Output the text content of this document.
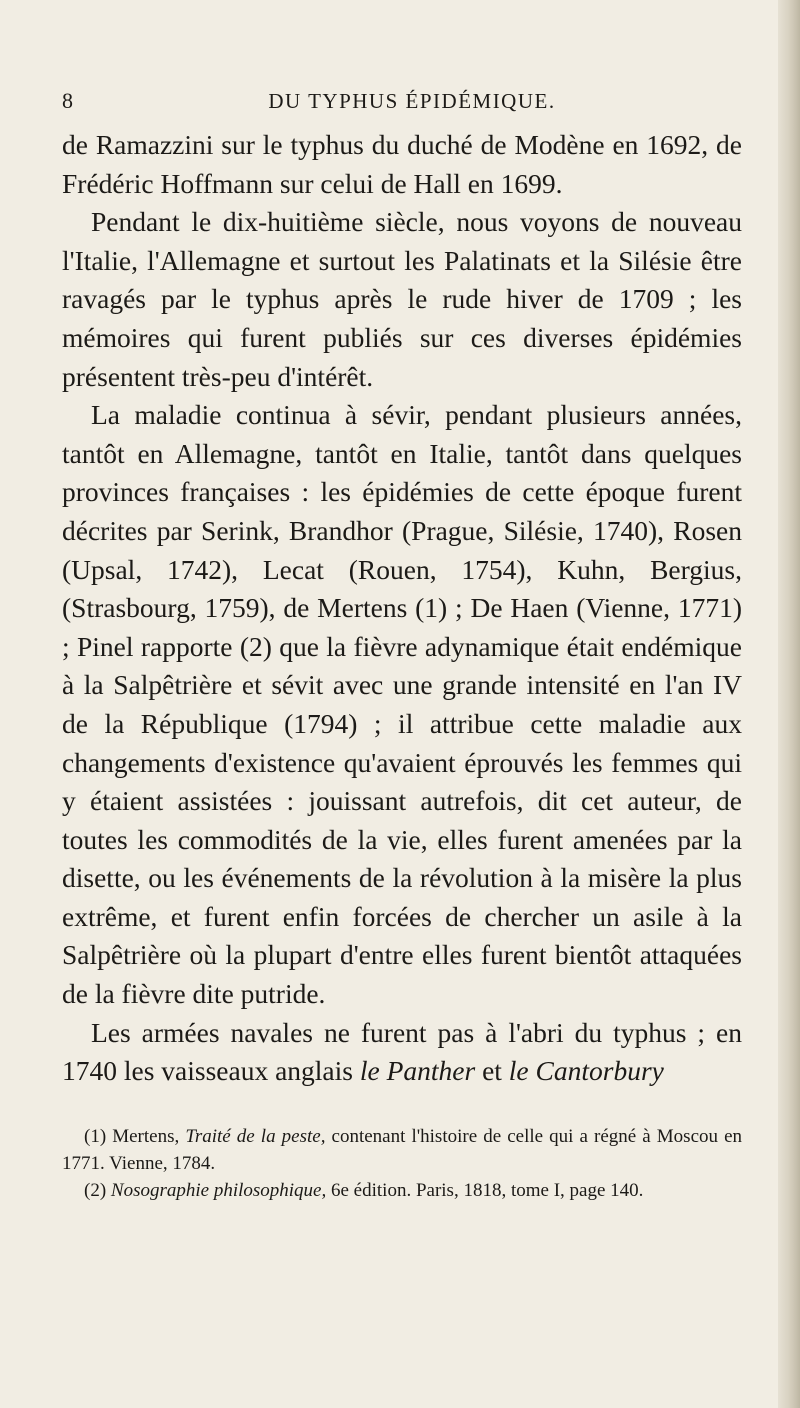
8	DU TYPHUS ÉPIDÉMIQUE.

de Ramazzini sur le typhus du duché de Modène en 1692, de Frédéric Hoffmann sur celui de Hall en 1699.

Pendant le dix-huitième siècle, nous voyons de nouveau l'Italie, l'Allemagne et surtout les Palatinats et la Silésie être ravagés par le typhus après le rude hiver de 1709 ; les mémoires qui furent publiés sur ces diverses épidémies présentent très-peu d'intérêt.

La maladie continua à sévir, pendant plusieurs années, tantôt en Allemagne, tantôt en Italie, tantôt dans quelques provinces françaises : les épidémies de cette époque furent décrites par Serink, Brandhor (Prague, Silésie, 1740), Rosen (Upsal, 1742), Lecat (Rouen, 1754), Kuhn, Bergius, (Strasbourg, 1759), de Mertens (1) ; De Haen (Vienne, 1771) ; Pinel rapporte (2) que la fièvre adynamique était endémique à la Salpêtrière et sévit avec une grande intensité en l'an IV de la République (1794) ; il attribue cette maladie aux changements d'existence qu'avaient éprouvés les femmes qui y étaient assistées : jouissant autrefois, dit cet auteur, de toutes les commodités de la vie, elles furent amenées par la disette, ou les événements de la révolution à la misère la plus extrême, et furent enfin forcées de chercher un asile à la Salpêtrière où la plupart d'entre elles furent bientôt attaquées de la fièvre dite putride.

Les armées navales ne furent pas à l'abri du typhus ; en 1740 les vaisseaux anglais le Panther et le Cantorbury

(1) Mertens, Traité de la peste, contenant l'histoire de celle qui a régné à Moscou en 1771. Vienne, 1784.

(2) Nosographie philosophique, 6e édition. Paris, 1818, tome I, page 140.
